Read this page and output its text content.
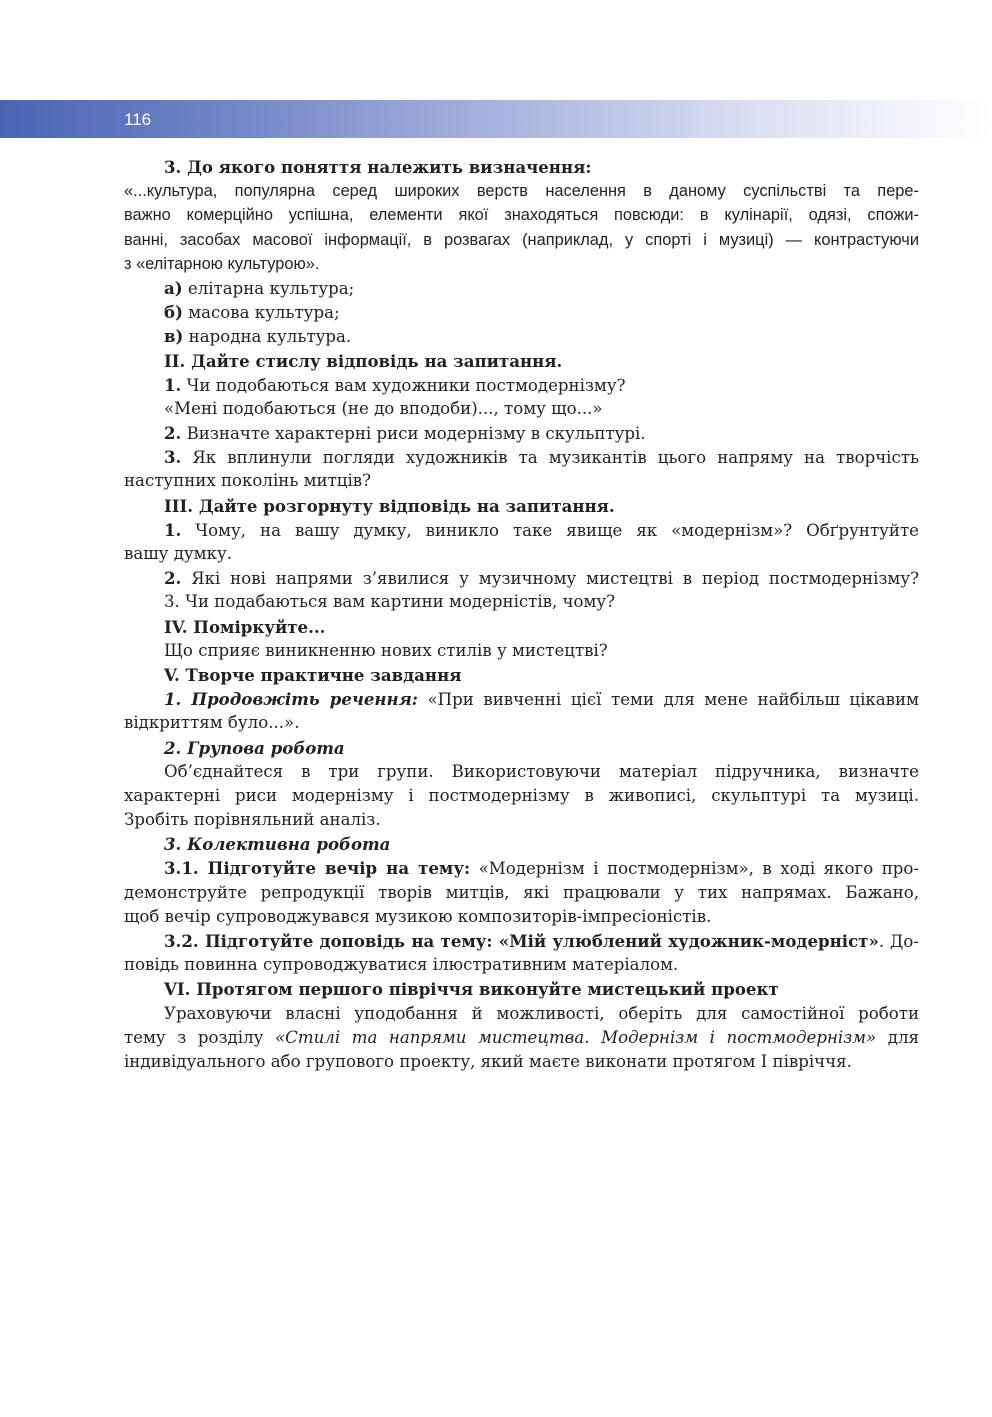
116
3. До якого поняття належить визначення:
«...культура, популярна серед широких верств населення в даному суспільстві та пере-
важно комерційно успішна, елементи якої знаходяться повсюди: в кулінарії, одязі, спожи-
ванні, засобах масової інформації, в розвагах (наприклад, у спорті і музиці) — контрастуючи
з «елітарною культурою».
а) елітарна культура;
б) масова культура;
в) народна культура.
ІІ. Дайте стислу відповідь на запитання.
1. Чи подобаються вам художники постмодернізму?
«Мені подобаються (не до вподоби)..., тому що...»
2. Визначте характерні риси модернізму в скульптурі.
3. Як вплинули погляди художників та музикантів цього напряму на творчість
наступних поколінь митців?
ІІІ. Дайте розгорнуту відповідь на запитання.
1. Чому, на вашу думку, виникло таке явище як «модернізм»? Обґрунтуйте
вашу думку.
2. Які нові напрями з’явилися у музичному мистецтві в період постмодернізму?
3. Чи подабаються вам картини модерністів, чому?
IV. Поміркуйте...
Що сприяє виникненню нових стилів у мистецтві?
V. Творче практичне завдання
1. Продовжіть речення: «При вивченні цієї теми для мене найбільш цікавим
відкриттям було...».
2. Групова робота
Об’єднайтеся в три групи. Використовуючи матеріал підручника, визначте
характерні риси модернізму і постмодернізму в живописі, скульптурі та музиці.
Зробіть порівняльний аналіз.
3. Колективна робота
3.1. Підготуйте вечір на тему: «Модернізм і постмодернізм», в ході якого про-
демонструйте репродукції творів митців, які працювали у тих напрямах. Бажано,
щоб вечір супроводжувався музикою композиторів-імпресіоністів.
3.2. Підготуйте доповідь на тему: «Мій улюблений художник-модерніст». До-
повідь повинна супроводжуватися ілюстративним матеріалом.
VI. Протягом першого півріччя виконуйте мистецький проект
Ураховуючи власні уподобання й можливості, оберіть для самостійної роботи
тему з розділу «Стилі та напрями мистецтва. Модернізм і постмодернізм» для
індивідуального або групового проекту, який маєте виконати протягом І півріччя.
